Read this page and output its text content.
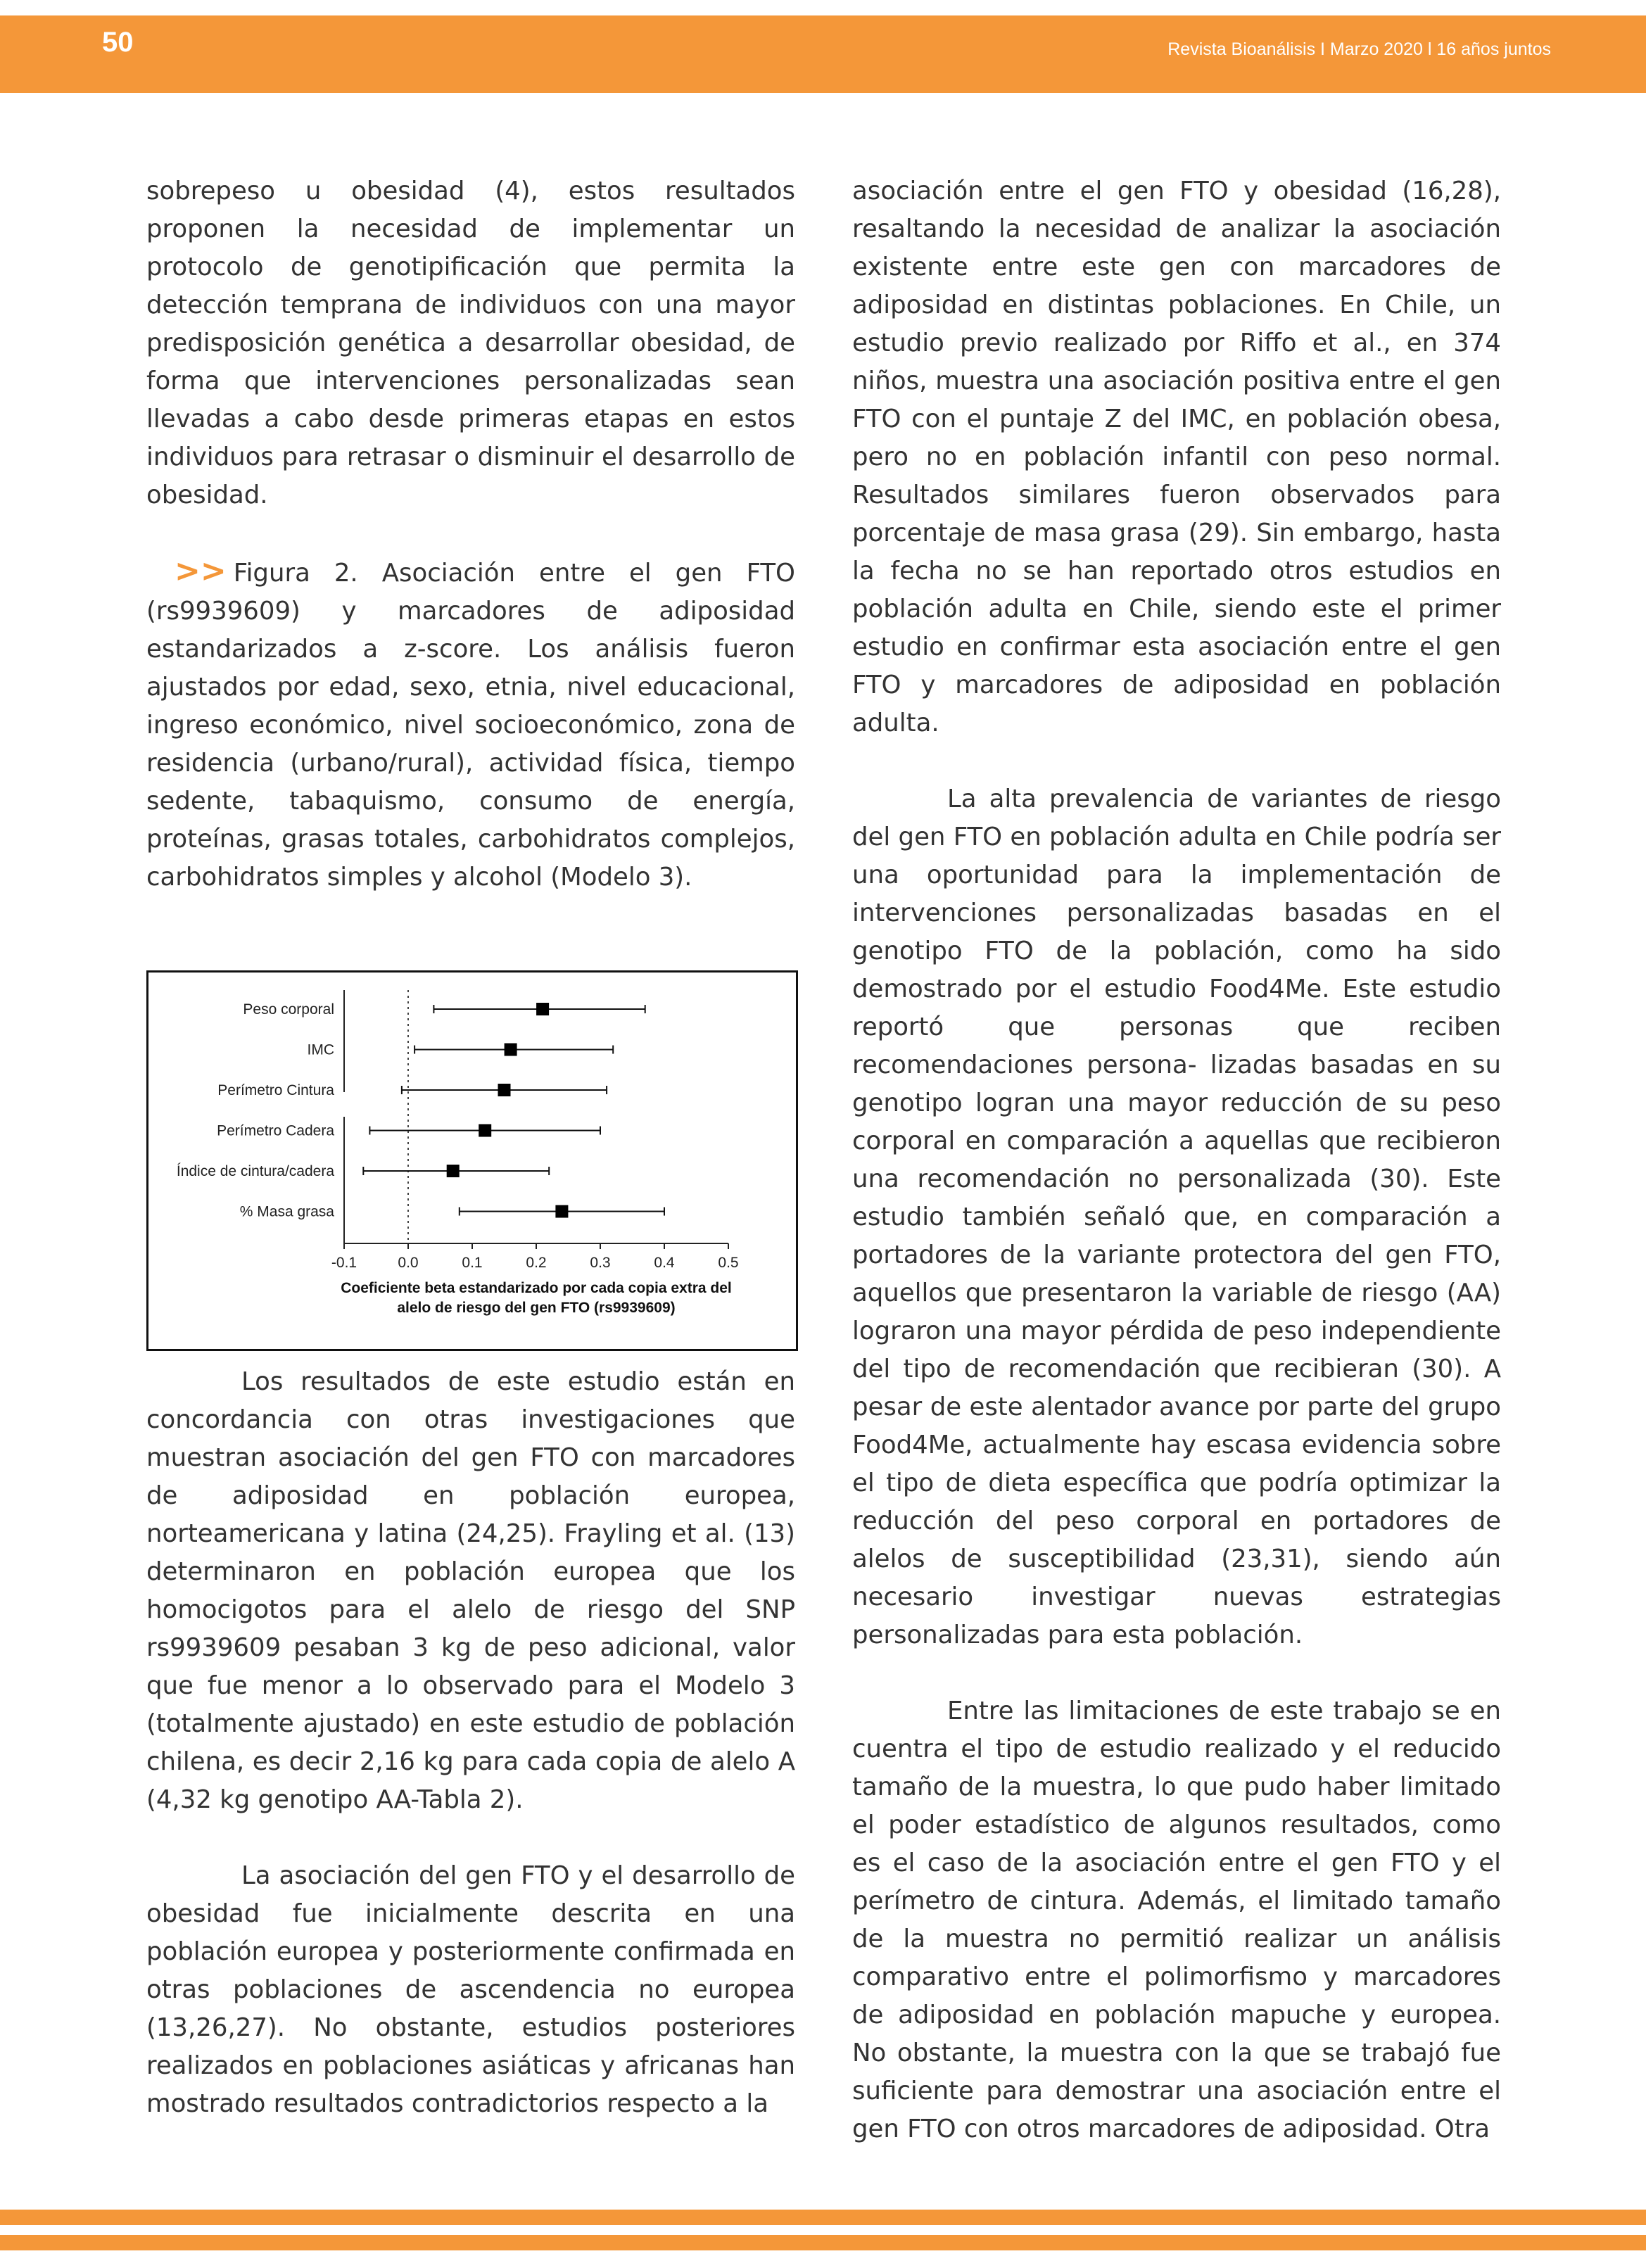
50	Revista Bioanálisis I Marzo 2020 l 16 años juntos

sobrepeso u obesidad (4), estos resultados proponen la necesidad de implementar un protocolo de genotipificación que permita la detección temprana de individuos con una mayor predisposición genética a desarrollar obesidad, de forma que intervenciones personalizadas sean llevadas a cabo desde primeras etapas en estos individuos para retrasar o disminuir el desarrollo de obesidad.

>> Figura 2. Asociación entre el gen FTO (rs9939609) y marcadores de adiposidad estandarizados a z-score. Los análisis fueron ajustados por edad, sexo, etnia, nivel educacional, ingreso económico, nivel socioeconómico, zona de residencia (urbano/rural), actividad física, tiempo sedente, tabaquismo, consumo de energía, proteínas, grasas totales, carbohidratos complejos, carbohidratos simples y alcohol (Modelo 3).

-0.1	0.0	0.1	0.2	0.3	0.4	0.5
Peso corporal
IMC
Perímetro Cintura
Perímetro Cadera
Índice de cintura/cadera
% Masa grasa
Coeficiente beta estandarizado por cada copia extra del
alelo de riesgo del gen FTO (rs9939609)

Los resultados de este estudio están en concordancia con otras investigaciones que muestran asociación del gen FTO con marcadores de adiposidad en población europea, norteamericana y latina (24,25). Frayling et al. (13) determinaron en población europea que los homocigotos para el alelo de riesgo del SNP rs9939609 pesaban 3 kg de peso adicional, valor que fue menor a lo observado para el Modelo 3 (totalmente ajustado) en este estudio de población chilena, es decir 2,16 kg para cada copia de alelo A (4,32 kg genotipo AA-Tabla 2).

La asociación del gen FTO y el desarrollo de obesidad fue inicialmente descrita en una población europea y posteriormente confirmada en otras poblaciones de ascendencia no europea (13,26,27). No obstante, estudios posteriores realizados en poblaciones asiáticas y africanas han mostrado resultados contradictorios respecto a la

asociación entre el gen FTO y obesidad (16,28), resaltando la necesidad de analizar la asociación existente entre este gen con marcadores de adiposidad en distintas poblaciones. En Chile, un estudio previo realizado por Riffo et al., en 374 niños, muestra una asociación positiva entre el gen FTO con el puntaje Z del IMC, en población obesa, pero no en población infantil con peso normal. Resultados similares fueron observados para porcentaje de masa grasa (29). Sin embargo, hasta la fecha no se han reportado otros estudios en población adulta en Chile, siendo este el primer estudio en confirmar esta asociación entre el gen FTO y marcadores de adiposidad en población adulta.

La alta prevalencia de variantes de riesgo del gen FTO en población adulta en Chile podría ser una oportunidad para la implementación de intervenciones personalizadas basadas en el genotipo FTO de la población, como ha sido demostrado por el estudio Food4Me. Este estudio reportó que personas que reciben recomendaciones persona- lizadas basadas en su genotipo logran una mayor reducción de su peso corporal en comparación a aquellas que recibieron una recomendación no personalizada (30). Este estudio también señaló que, en comparación a portadores de la variante protectora del gen FTO, aquellos que presentaron la variable de riesgo (AA) lograron una mayor pérdida de peso independiente del tipo de recomendación que recibieran (30). A pesar de este alentador avance por parte del grupo Food4Me, actualmente hay escasa evidencia sobre el tipo de dieta específica que podría optimizar la reducción del peso corporal en portadores de alelos de susceptibilidad (23,31), siendo aún necesario investigar nuevas estrategias personalizadas para esta población.

Entre las limitaciones de este trabajo se en cuentra el tipo de estudio realizado y el reducido tamaño de la muestra, lo que pudo haber limitado el poder estadístico de algunos resultados, como es el caso de la asociación entre el gen FTO y el perímetro de cintura. Además, el limitado tamaño de la muestra no permitió realizar un análisis comparativo entre el polimorfismo y marcadores de adiposidad en población mapuche y europea. No obstante, la muestra con la que se trabajó fue suficiente para demostrar una asociación entre el gen FTO con otros marcadores de adiposidad. Otra
